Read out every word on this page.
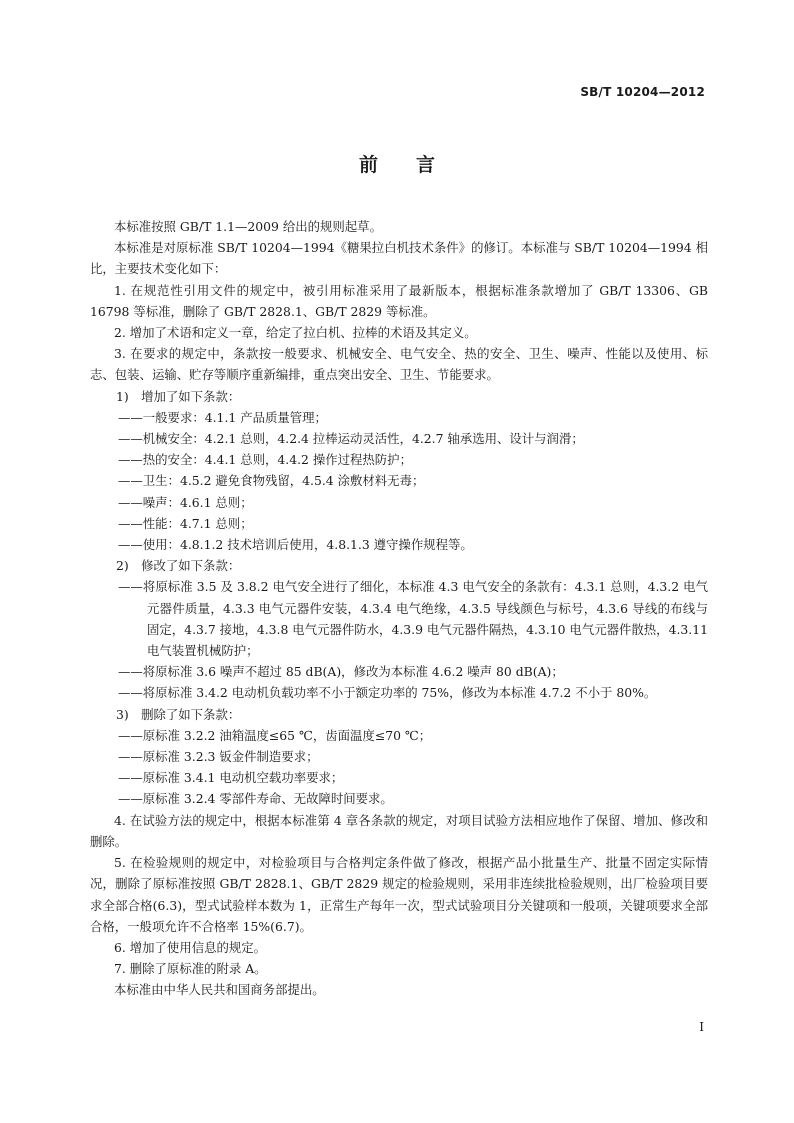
SB/T 10204—2012
前言
本标准按照 GB/T 1.1—2009 给出的规则起草。
本标准是对原标准 SB/T 10204—1994《糖果拉白机技术条件》的修订。本标准与 SB/T 10204—1994 相比，主要技术变化如下：
1. 在规范性引用文件的规定中，被引用标准采用了最新版本，根据标准条款增加了 GB/T 13306、GB 16798 等标准，删除了 GB/T 2828.1、GB/T 2829 等标准。
2. 增加了术语和定义一章，给定了拉白机、拉棒的术语及其定义。
3. 在要求的规定中，条款按一般要求、机械安全、电气安全、热的安全、卫生、噪声、性能以及使用、标志、包装、运输、贮存等顺序重新编排，重点突出安全、卫生、节能要求。
1)　增加了如下条款：
——一般要求：4.1.1 产品质量管理；
——机械安全：4.2.1 总则，4.2.4 拉棒运动灵活性，4.2.7 轴承选用、设计与润滑；
——热的安全：4.4.1 总则，4.4.2 操作过程热防护；
——卫生：4.5.2 避免食物残留，4.5.4 涂敷材料无毒；
——噪声：4.6.1 总则；
——性能：4.7.1 总则；
——使用：4.8.1.2 技术培训后使用，4.8.1.3 遵守操作规程等。
2)　修改了如下条款：
——将原标准 3.5 及 3.8.2 电气安全进行了细化，本标准 4.3 电气安全的条款有：4.3.1 总则，4.3.2 电气元器件质量，4.3.3 电气元器件安装，4.3.4 电气绝缘，4.3.5 导线颜色与标号，4.3.6 导线的布线与固定，4.3.7 接地，4.3.8 电气元器件防水，4.3.9 电气元器件隔热，4.3.10 电气元器件散热，4.3.11 电气装置机械防护；
——将原标准 3.6 噪声不超过 85 dB(A)，修改为本标准 4.6.2 噪声 80 dB(A)；
——将原标准 3.4.2 电动机负载功率不小于额定功率的 75%，修改为本标准 4.7.2 不小于 80%。
3)　删除了如下条款：
——原标准 3.2.2 油箱温度≤65 ℃，齿面温度≤70 ℃；
——原标准 3.2.3 钣金件制造要求；
——原标准 3.4.1 电动机空载功率要求；
——原标准 3.2.4 零部件寿命、无故障时间要求。
4. 在试验方法的规定中，根据本标准第 4 章各条款的规定，对项目试验方法相应地作了保留、增加、修改和删除。
5. 在检验规则的规定中，对检验项目与合格判定条件做了修改，根据产品小批量生产、批量不固定实际情况，删除了原标准按照 GB/T 2828.1、GB/T 2829 规定的检验规则，采用非连续批检验规则，出厂检验项目要求全部合格(6.3)，型式试验样本数为 1，正常生产每年一次，型式试验项目分关键项和一般项，关键项要求全部合格，一般项允许不合格率 15%(6.7)。
6. 增加了使用信息的规定。
7. 删除了原标准的附录 A。
本标准由中华人民共和国商务部提出。
I
